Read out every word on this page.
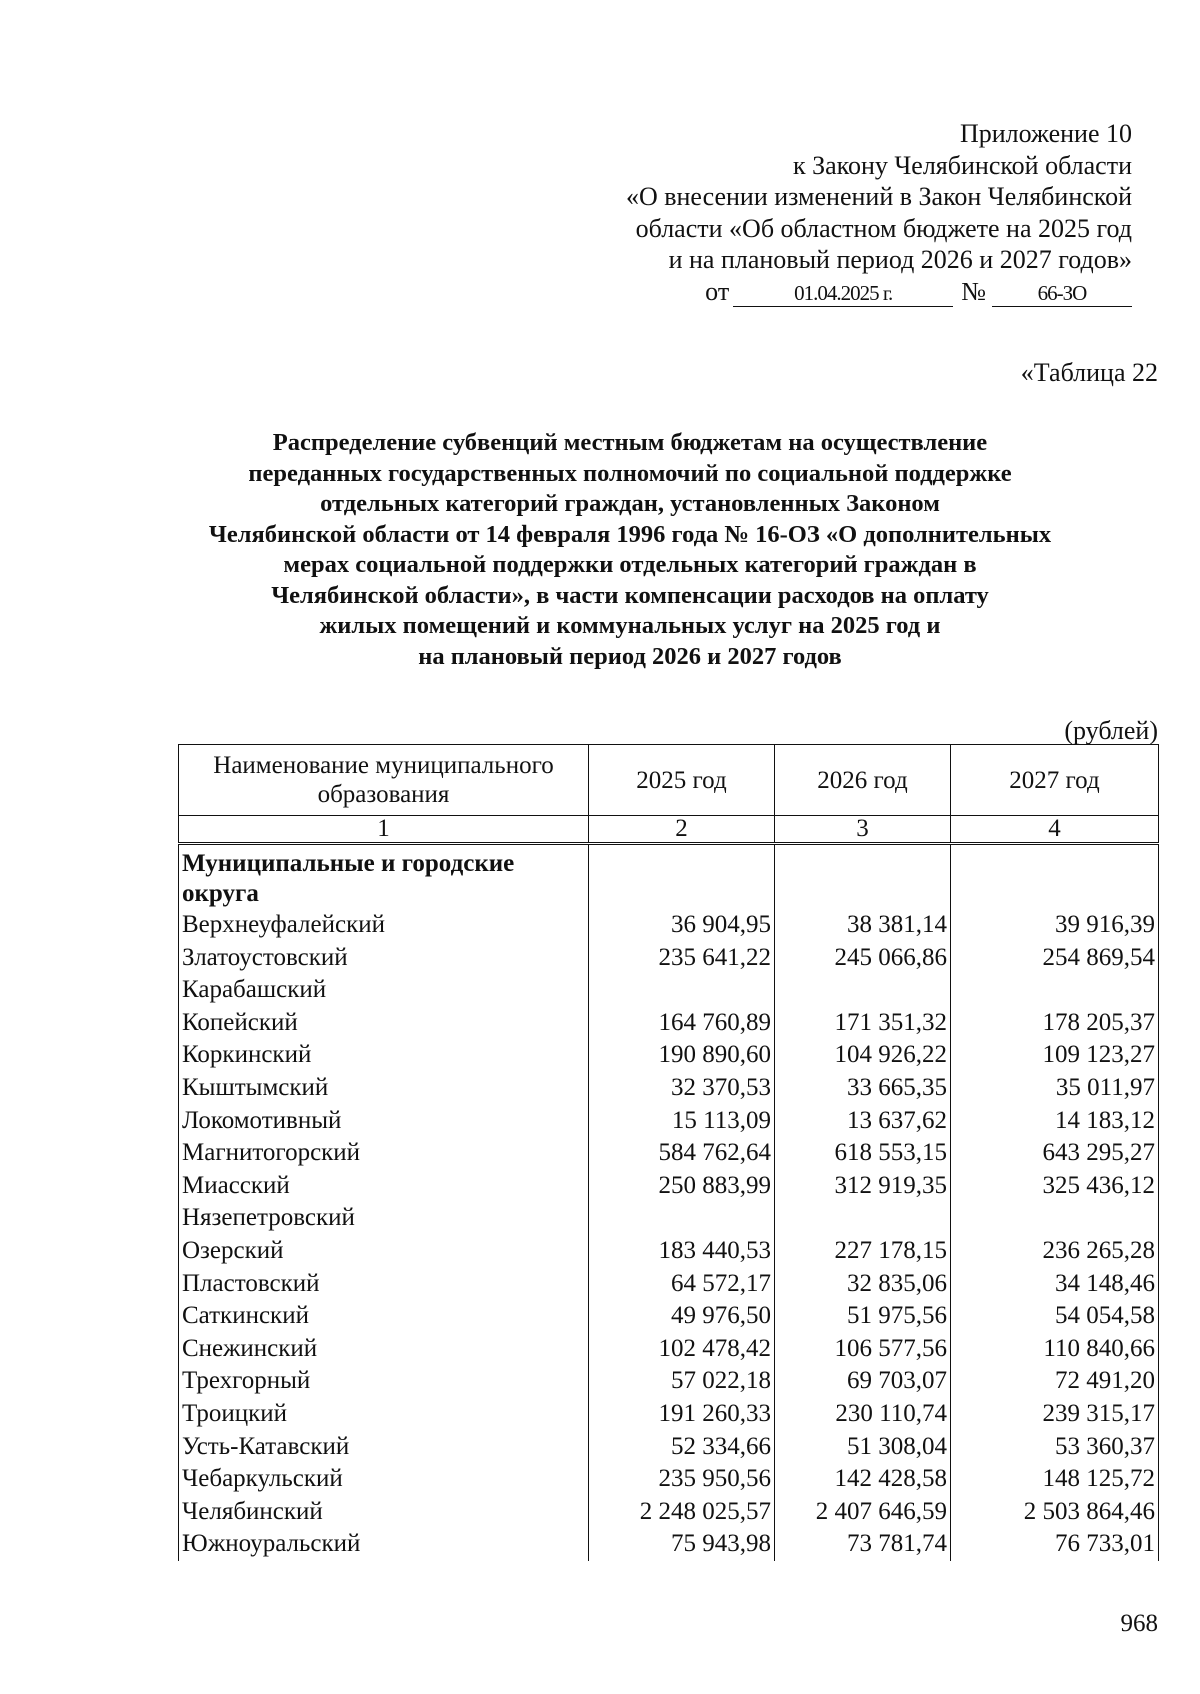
Приложение 10
к Закону Челябинской области
«О внесении изменений в Закон Челябинской
области «Об областном бюджете на 2025 год
и на плановый период 2026 и 2027 годов»
от	01.04.2025 г.	№ 66-ЗО
«Таблица 22
Распределение субвенций местным бюджетам на осуществление
переданных государственных полномочий по социальной поддержке
отдельных категорий граждан, установленных Законом
Челябинской области от 14 февраля 1996 года № 16-ОЗ «О дополнительных
мерах социальной поддержки отдельных категорий граждан в
Челябинской области», в части компенсации расходов на оплату
жилых помещений и коммунальных услуг на 2025 год и
на плановый период 2026 и 2027 годов
(рублей)
Наименование муниципального образования	2025 год	2026 год	2027 год
1	2	3	4
Муниципальные и городские округа			
Верхнеуфалейский	36 904,95	38 381,14	39 916,39
Златоустовский	235 641,22	245 066,86	254 869,54
Карабашский			
Копейский	164 760,89	171 351,32	178 205,37
Коркинский	190 890,60	104 926,22	109 123,27
Кыштымский	32 370,53	33 665,35	35 011,97
Локомотивный	15 113,09	13 637,62	14 183,12
Магнитогорский	584 762,64	618 553,15	643 295,27
Миасский	250 883,99	312 919,35	325 436,12
Нязепетровский			
Озерский	183 440,53	227 178,15	236 265,28
Пластовский	64 572,17	32 835,06	34 148,46
Саткинский	49 976,50	51 975,56	54 054,58
Снежинский	102 478,42	106 577,56	110 840,66
Трехгорный	57 022,18	69 703,07	72 491,20
Троицкий	191 260,33	230 110,74	239 315,17
Усть-Катавский	52 334,66	51 308,04	53 360,37
Чебаркульский	235 950,56	142 428,58	148 125,72
Челябинский	2 248 025,57	2 407 646,59	2 503 864,46
Южноуральский	75 943,98	73 781,74	76 733,01
968
